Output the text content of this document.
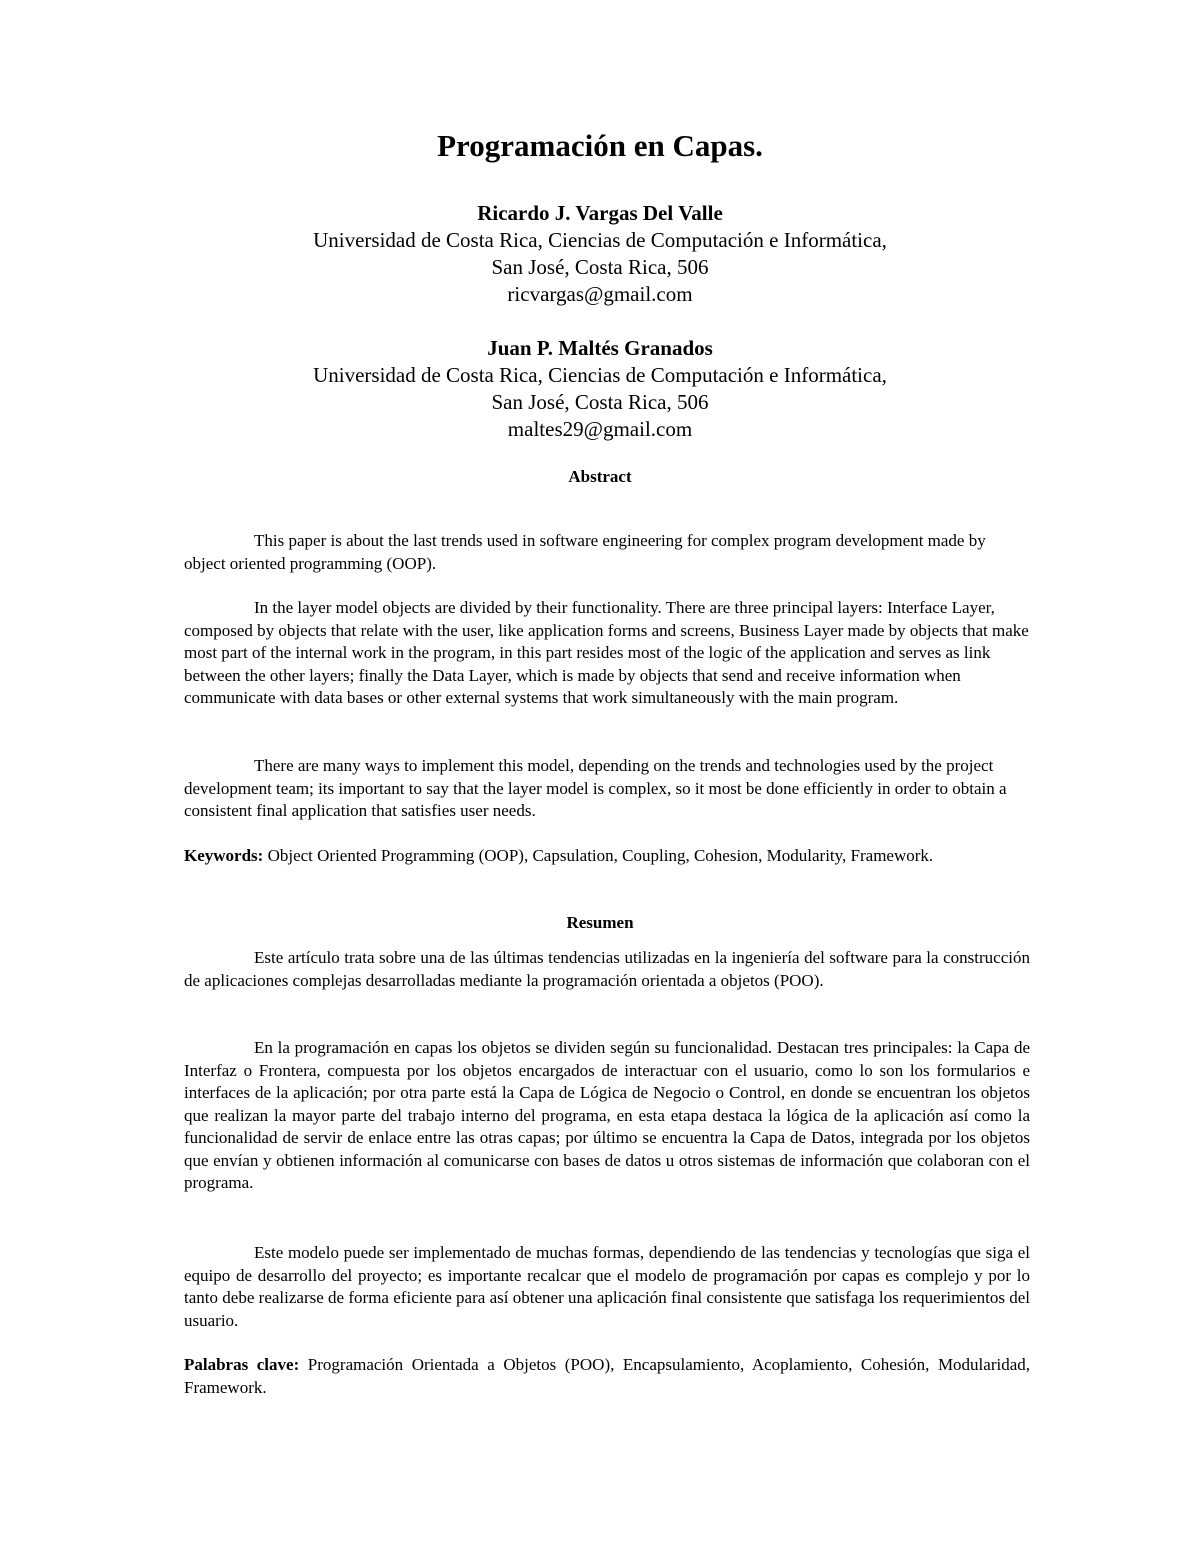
Programación en Capas.
Ricardo J. Vargas Del Valle
Universidad de Costa Rica, Ciencias de Computación e Informática,
San José, Costa Rica, 506
ricvargas@gmail.com
Juan P. Maltés Granados
Universidad de Costa Rica, Ciencias de Computación e Informática,
San José, Costa Rica, 506
maltes29@gmail.com
Abstract

This paper is about the last trends used in software engineering for complex program development made by object oriented programming (OOP).

In the layer model objects are divided by their functionality. There are three principal layers: Interface Layer, composed by objects that relate with the user, like application forms and screens, Business Layer made by objects that make most part of the internal work in the program, in this part resides most of the logic of the application and serves as link between the other layers; finally the Data Layer, which is made by objects that send and receive information when communicate with data bases or other external systems that work simultaneously with the main program.

There are many ways to implement this model, depending on the trends and technologies used by the project development team; its important to say that the layer model is complex, so it most be done efficiently in order to obtain a consistent final application that satisfies user needs.

Keywords: Object Oriented Programming (OOP), Capsulation, Coupling, Cohesion, Modularity, Framework.

Resumen

Este artículo trata sobre una de las últimas tendencias utilizadas en la ingeniería del software para la construcción de aplicaciones complejas desarrolladas mediante la programación orientada a objetos (POO).

En la programación en capas los objetos se dividen según su funcionalidad. Destacan tres principales: la Capa de Interfaz o Frontera, compuesta por los objetos encargados de interactuar con el usuario, como lo son los formularios e interfaces de la aplicación; por otra parte está la Capa de Lógica de Negocio o Control, en donde se encuentran los objetos que realizan la mayor parte del trabajo interno del programa, en esta etapa destaca la lógica de la aplicación así como la funcionalidad de servir de enlace entre las otras capas; por último se encuentra la Capa de Datos, integrada por los objetos que envían y obtienen información al comunicarse con bases de datos u otros sistemas de información que colaboran con el programa.

Este modelo puede ser implementado de muchas formas, dependiendo de las tendencias y tecnologías que siga el equipo de desarrollo del proyecto; es importante recalcar que el modelo de programación por capas es complejo y por lo tanto debe realizarse de forma eficiente para así obtener una aplicación final consistente que satisfaga los requerimientos del usuario.

Palabras clave: Programación Orientada a Objetos (POO), Encapsulamiento, Acoplamiento, Cohesión, Modularidad, Framework.
